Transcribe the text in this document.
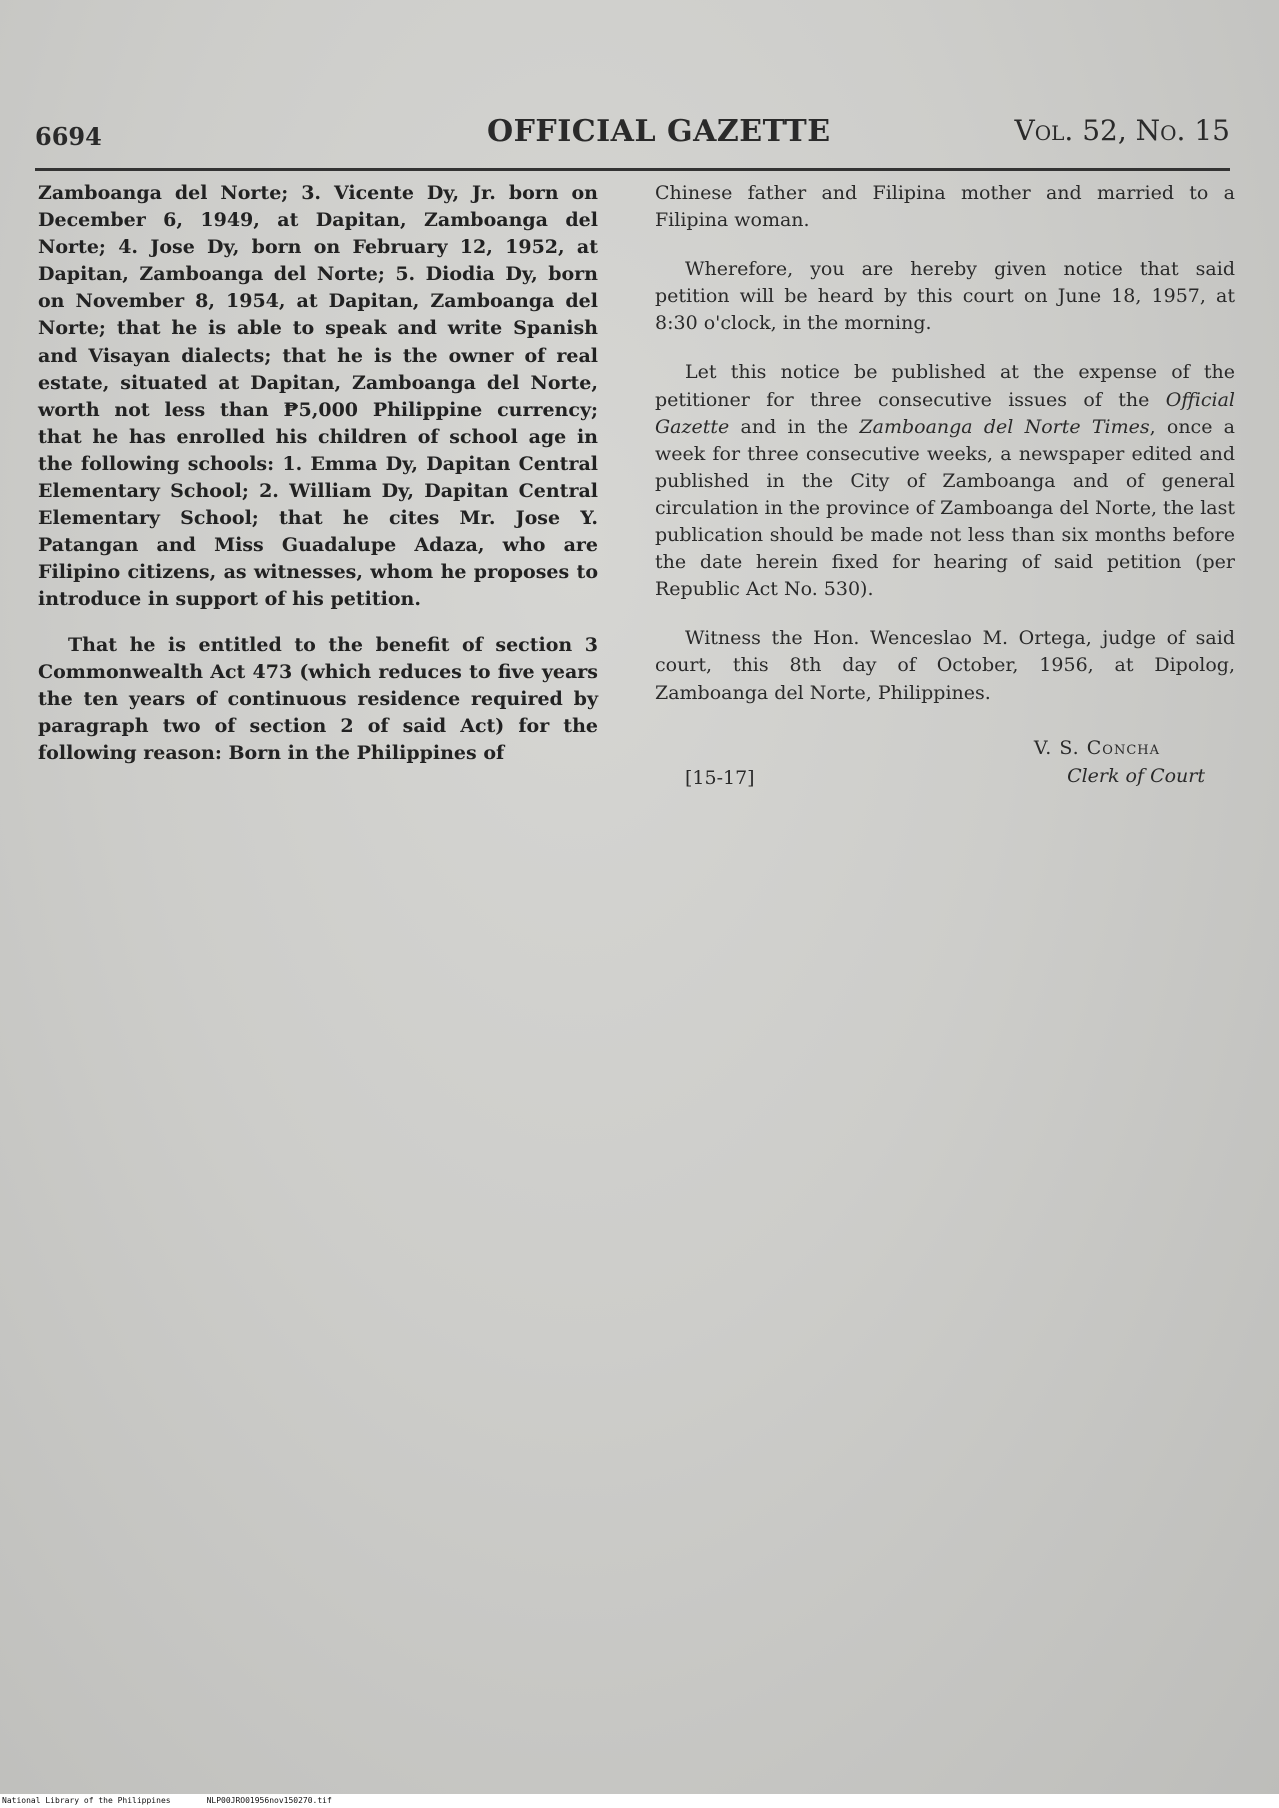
6694	OFFICIAL GAZETTE	Vol. 52, No. 15

Zamboanga del Norte; 3. Vicente Dy, Jr. born on December 6, 1949, at Dapitan, Zamboanga del Norte; 4. Jose Dy, born on February 12, 1952, at Dapitan, Zamboanga del Norte; 5. Diodia Dy, born on November 8, 1954, at Dapitan, Zamboanga del Norte; that he is able to speak and write Spanish and Visayan dialects; that he is the owner of real estate, situated at Dapitan, Zamboanga del Norte, worth not less than ₱5,000 Philippine currency; that he has enrolled his children of school age in the following schools: 1. Emma Dy, Dapitan Central Elementary School; 2. William Dy, Dapitan Central Elementary School; that he cites Mr. Jose Y. Patangan and Miss Guadalupe Adaza, who are Filipino citizens, as witnesses, whom he proposes to introduce in support of his petition.

That he is entitled to the benefit of section 3 Commonwealth Act 473 (which reduces to five years the ten years of continuous residence required by paragraph two of section 2 of said Act) for the following reason: Born in the Philippines of

Chinese father and Filipina mother and married to a Filipina woman.

Wherefore, you are hereby given notice that said petition will be heard by this court on June 18, 1957, at 8:30 o'clock, in the morning.

Let this notice be published at the expense of the petitioner for three consecutive issues of the Official Gazette and in the Zamboanga del Norte Times, once a week for three consecutive weeks, a newspaper edited and published in the City of Zamboanga and of general circulation in the province of Zamboanga del Norte, the last publication should be made not less than six months before the date herein fixed for hearing of said petition (per Republic Act No. 530).

Witness the Hon. Wenceslao M. Ortega, judge of said court, this 8th day of October, 1956, at Dipolog, Zamboanga del Norte, Philippines.

[15-17]
V. S. Concha
Clerk of Court
National Library of the Philippines	NLP00JRO01956nov150270.tif
